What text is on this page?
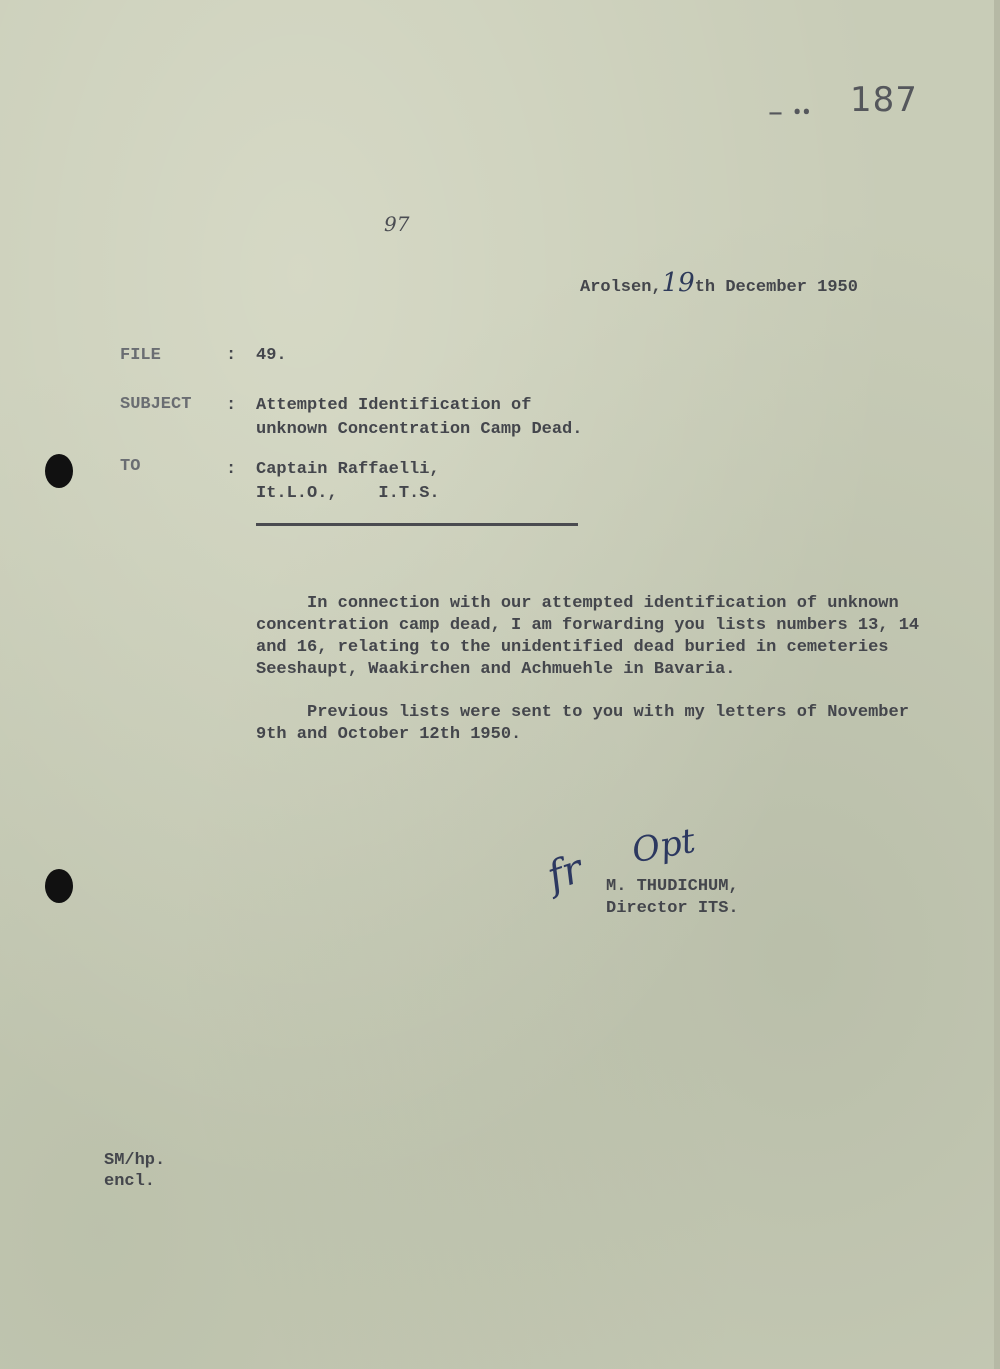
– ꞏꞏ 187
97
Arolsen,19th December 1950
FILE	: 49.
SUBJECT : Attempted Identification of
unknown Concentration Camp Dead.
TO	: Captain Raffaelli,
It.L.O.,    I.T.S.
In connection with our attempted identification of unknown
concentration camp dead, I am forwarding you lists numbers 13, 14
and 16, relating to the unidentified dead buried in cemeteries
Seeshaupt, Waakirchen and Achmuehle in Bavaria.
Previous lists were sent to you with my letters of November
9th and October 12th 1950.
fr Opt
M. THUDICHUM,
Director ITS.
SM/hp.
encl.
